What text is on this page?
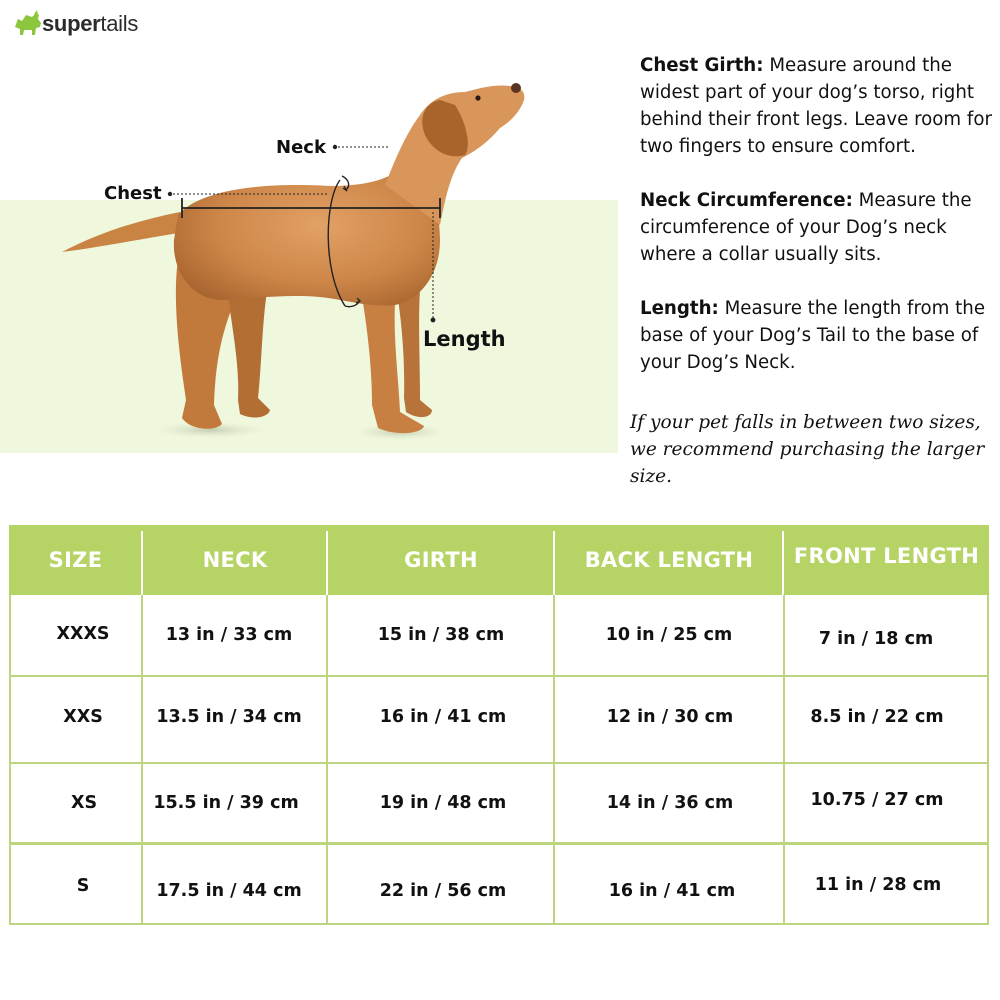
supertails
Neck
Chest
Length

Chest Girth: Measure around the widest part of your dog’s torso, right behind their front legs. Leave room for two fingers to ensure comfort.

Neck Circumference: Measure the circumference of your Dog’s neck where a collar usually sits.

Length: Measure the length from the base of your Dog’s Tail to the base of your Dog’s Neck.

If your pet falls in between two sizes, we recommend purchasing the larger size.
SIZE	NECK	GIRTH	BACK LENGTH	FRONT LENGTH
XXXS	13 in / 33 cm	15 in / 38 cm	10 in / 25 cm	7 in / 18 cm
XXS	13.5 in / 34 cm	16 in / 41 cm	12 in / 30 cm	8.5 in / 22 cm
XS	15.5 in / 39 cm	19 in / 48 cm	14 in / 36 cm	10.75 / 27 cm
S	17.5 in / 44 cm	22 in / 56 cm	16 in / 41 cm	11 in / 28 cm
